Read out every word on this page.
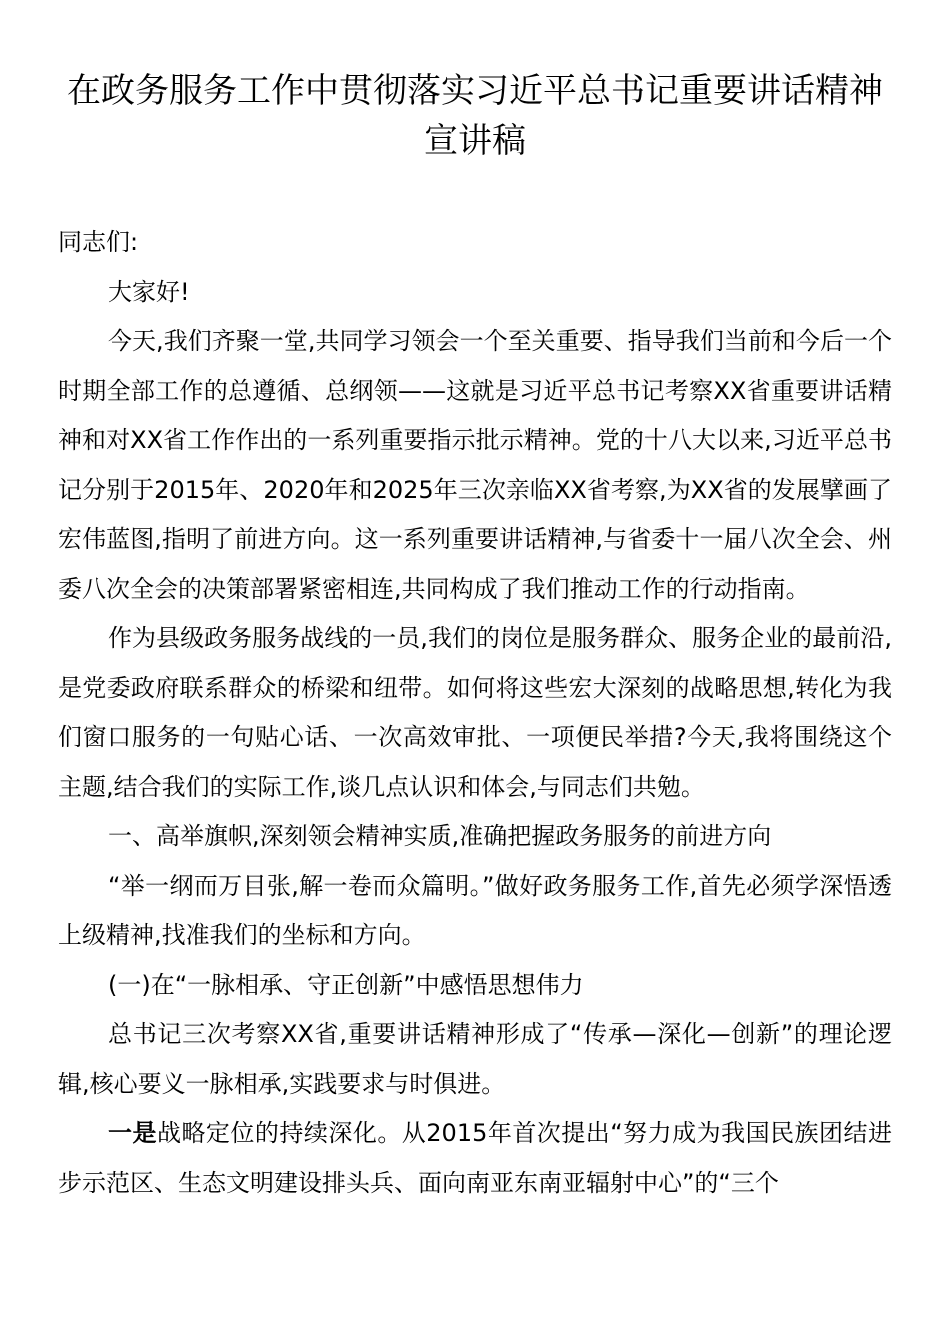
在政务服务工作中贯彻落实习近平总书记重要讲话精神宣讲稿

同志们:

大家好!

今天,我们齐聚一堂,共同学习领会一个至关重要、指导我们当前和今后一个时期全部工作的总遵循、总纲领——这就是习近平总书记考察XX省重要讲话精神和对XX省工作作出的一系列重要指示批示精神。党的十八大以来,习近平总书记分别于2015年、2020年和2025年三次亲临XX省考察,为XX省的发展擘画了宏伟蓝图,指明了前进方向。这一系列重要讲话精神,与省委十一届八次全会、州委八次全会的决策部署紧密相连,共同构成了我们推动工作的行动指南。

作为县级政务服务战线的一员,我们的岗位是服务群众、服务企业的最前沿,是党委政府联系群众的桥梁和纽带。如何将这些宏大深刻的战略思想,转化为我们窗口服务的一句贴心话、一次高效审批、一项便民举措?今天,我将围绕这个主题,结合我们的实际工作,谈几点认识和体会,与同志们共勉。

一、高举旗帜,深刻领会精神实质,准确把握政务服务的前进方向

“举一纲而万目张,解一卷而众篇明。”做好政务服务工作,首先必须学深悟透上级精神,找准我们的坐标和方向。

(一)在“一脉相承、守正创新”中感悟思想伟力

总书记三次考察XX省,重要讲话精神形成了“传承—深化—创新”的理论逻辑,核心要义一脉相承,实践要求与时俱进。

一是战略定位的持续深化。从2015年首次提出“努力成为我国民族团结进步示范区、生态文明建设排头兵、面向南亚东南亚辐射中心”的“三个
